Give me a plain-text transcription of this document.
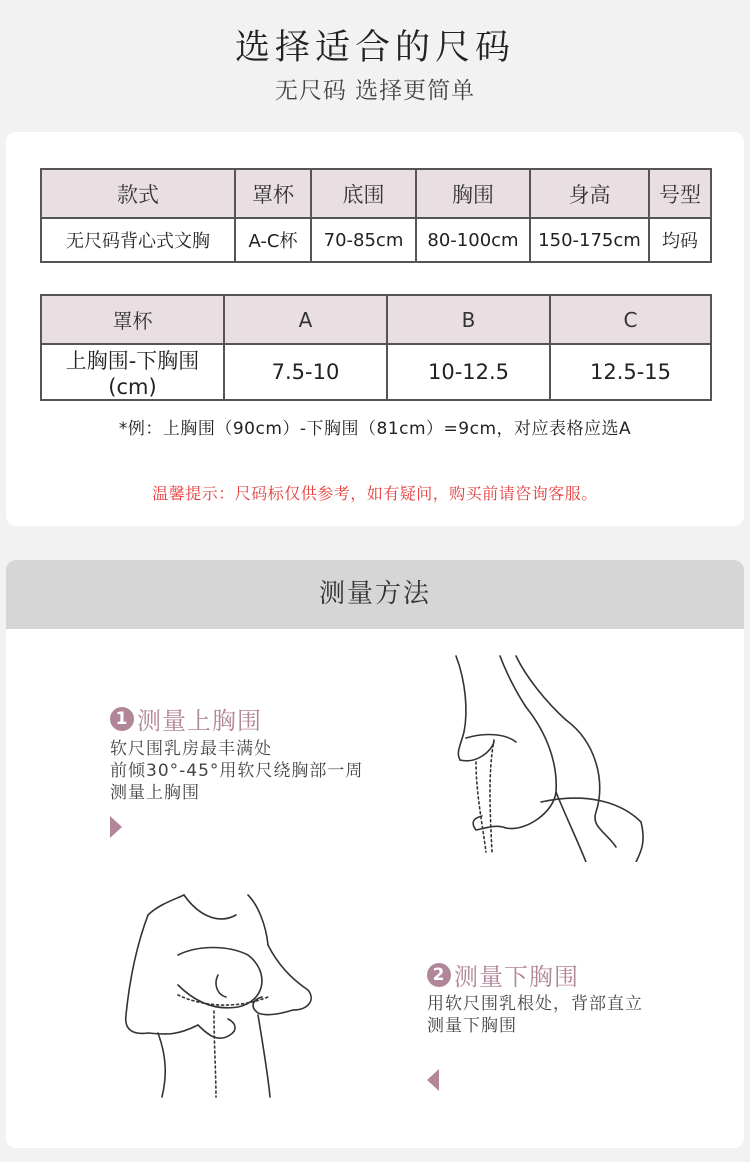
选择适合的尺码
无尺码 选择更简单
款式	罩杯	底围	胸围	身高	号型
无尺码背心式文胸	A-C杯	70-85cm	80-100cm	150-175cm	均码
罩杯	A	B	C
上胸围-下胸围(cm)	7.5-10	10-12.5	12.5-15
*例：上胸围（90cm）-下胸围（81cm）=9cm，对应表格应选A
温馨提示：尺码标仅供参考，如有疑问，购买前请咨询客服。
测量方法
1 测量上胸围
软尺围乳房最丰满处
前倾30°-45°用软尺绕胸部一周
测量上胸围
2 测量下胸围
用软尺围乳根处，背部直立
测量下胸围
